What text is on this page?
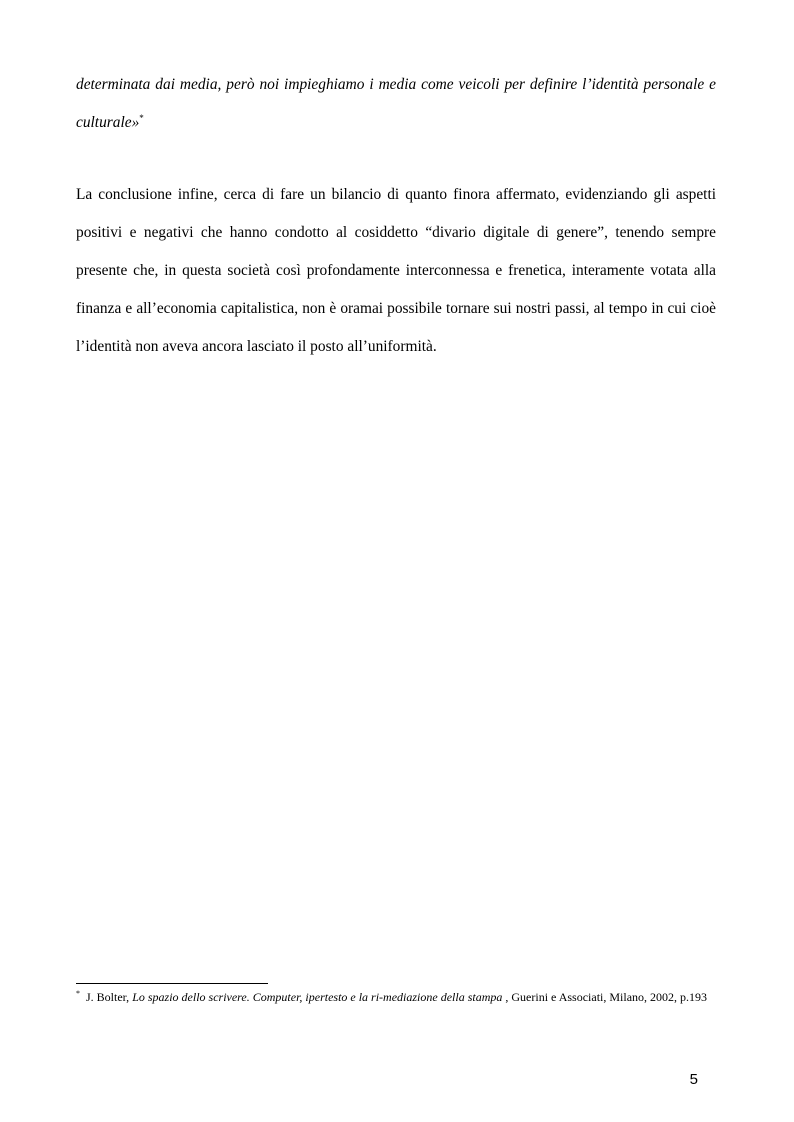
determinata dai media, però noi impieghiamo i media come veicoli per definire l’identità personale e culturale»*

La conclusione infine, cerca di fare un bilancio di quanto finora affermato, evidenziando gli aspetti positivi e negativi che hanno condotto al cosiddetto “divario digitale di genere”, tenendo sempre presente che, in questa società così profondamente interconnessa e frenetica, interamente votata alla finanza e all’economia capitalistica, non è oramai possibile tornare sui nostri passi, al tempo in cui cioè l’identità non aveva ancora lasciato il posto all’uniformità.

* J. Bolter, Lo spazio dello scrivere. Computer, ipertesto e la ri-mediazione della stampa , Guerini e Associati, Milano, 2002, p.193

5
